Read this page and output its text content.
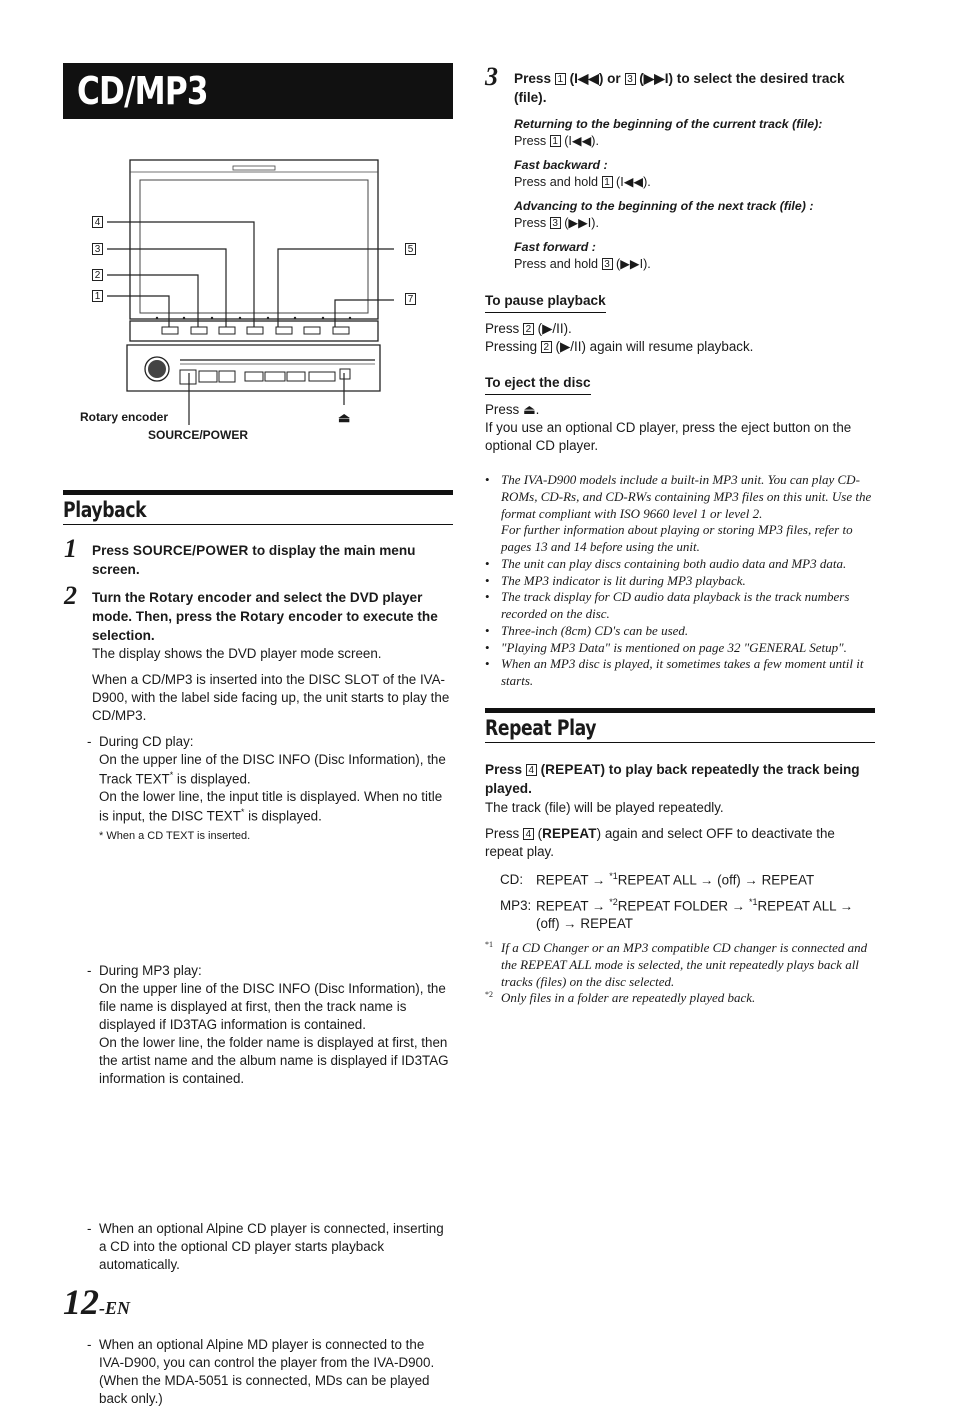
CD/MP3
4
3
2
1
5
7
Rotary encoder
SOURCE/POWER
⏏
Playback
1 Press SOURCE/POWER to display the main menu screen.
2 Turn the Rotary encoder and select the DVD player mode. Then, press the Rotary encoder to execute the selection.
The display shows the DVD player mode screen.
When a CD/MP3 is inserted into the DISC SLOT of the IVA-D900, with the label side facing up, the unit starts to play the CD/MP3.
- During CD play:
On the upper line of the DISC INFO (Disc Information), the Track TEXT* is displayed.
On the lower line, the input title is displayed. When no title is input, the DISC TEXT* is displayed.
* When a CD TEXT is inserted.
- During MP3 play:
On the upper line of the DISC INFO (Disc Information), the file name is displayed at first, then the track name is displayed if ID3TAG information is contained.
On the lower line, the folder name is displayed at first, then the artist name and the album name is displayed if ID3TAG information is contained.
- When an optional Alpine CD player is connected, inserting a CD into the optional CD player starts playback automatically.
- When an optional Alpine MD player is connected to the IVA-D900, you can control the player from the IVA-D900. (When the MDA-5051 is connected, MDs can be played back only.)
3 Press 1 (I◀◀) or 3 (▶▶I) to select the desired track (file).
Returning to the beginning of the current track (file):
Press 1 (I◀◀).
Fast backward :
Press and hold 1 (I◀◀).
Advancing to the beginning of the next track (file) :
Press 3 (▶▶I).
Fast forward :
Press and hold 3 (▶▶I).
To pause playback
Press 2 (▶/II).
Pressing 2 (▶/II) again will resume playback.
To eject the disc
Press ⏏.
If you use an optional CD player, press the eject button on the optional CD player.
• The IVA-D900 models include a built-in MP3 unit. You can play CD-ROMs, CD-Rs, and CD-RWs containing MP3 files on this unit. Use the format compliant with ISO 9660 level 1 or level 2.
For further information about playing or storing MP3 files, refer to pages 13 and 14 before using the unit.
• The unit can play discs containing both audio data and MP3 data.
• The MP3 indicator is lit during MP3 playback.
• The track display for CD audio data playback is the track numbers recorded on the disc.
• Three-inch (8cm) CD's can be used.
• "Playing MP3 Data" is mentioned on page 32 "GENERAL Setup".
• When an MP3 disc is played, it sometimes takes a few moment until it starts.
Repeat Play
Press 4 (REPEAT) to play back repeatedly the track being played.
The track (file) will be played repeatedly.
Press 4 (REPEAT) again and select OFF to deactivate the repeat play.
CD: REPEAT → $^{*1}$REPEAT ALL → (off) → REPEAT
MP3: REPEAT → $^{*2}$REPEAT FOLDER → $^{*1}$REPEAT ALL →
(off) → REPEAT
*1 If a CD Changer or an MP3 compatible CD changer is connected and the REPEAT ALL mode is selected, the unit repeatedly plays back all tracks (files) on the disc selected.
*2 Only files in a folder are repeatedly played back.
12-EN
